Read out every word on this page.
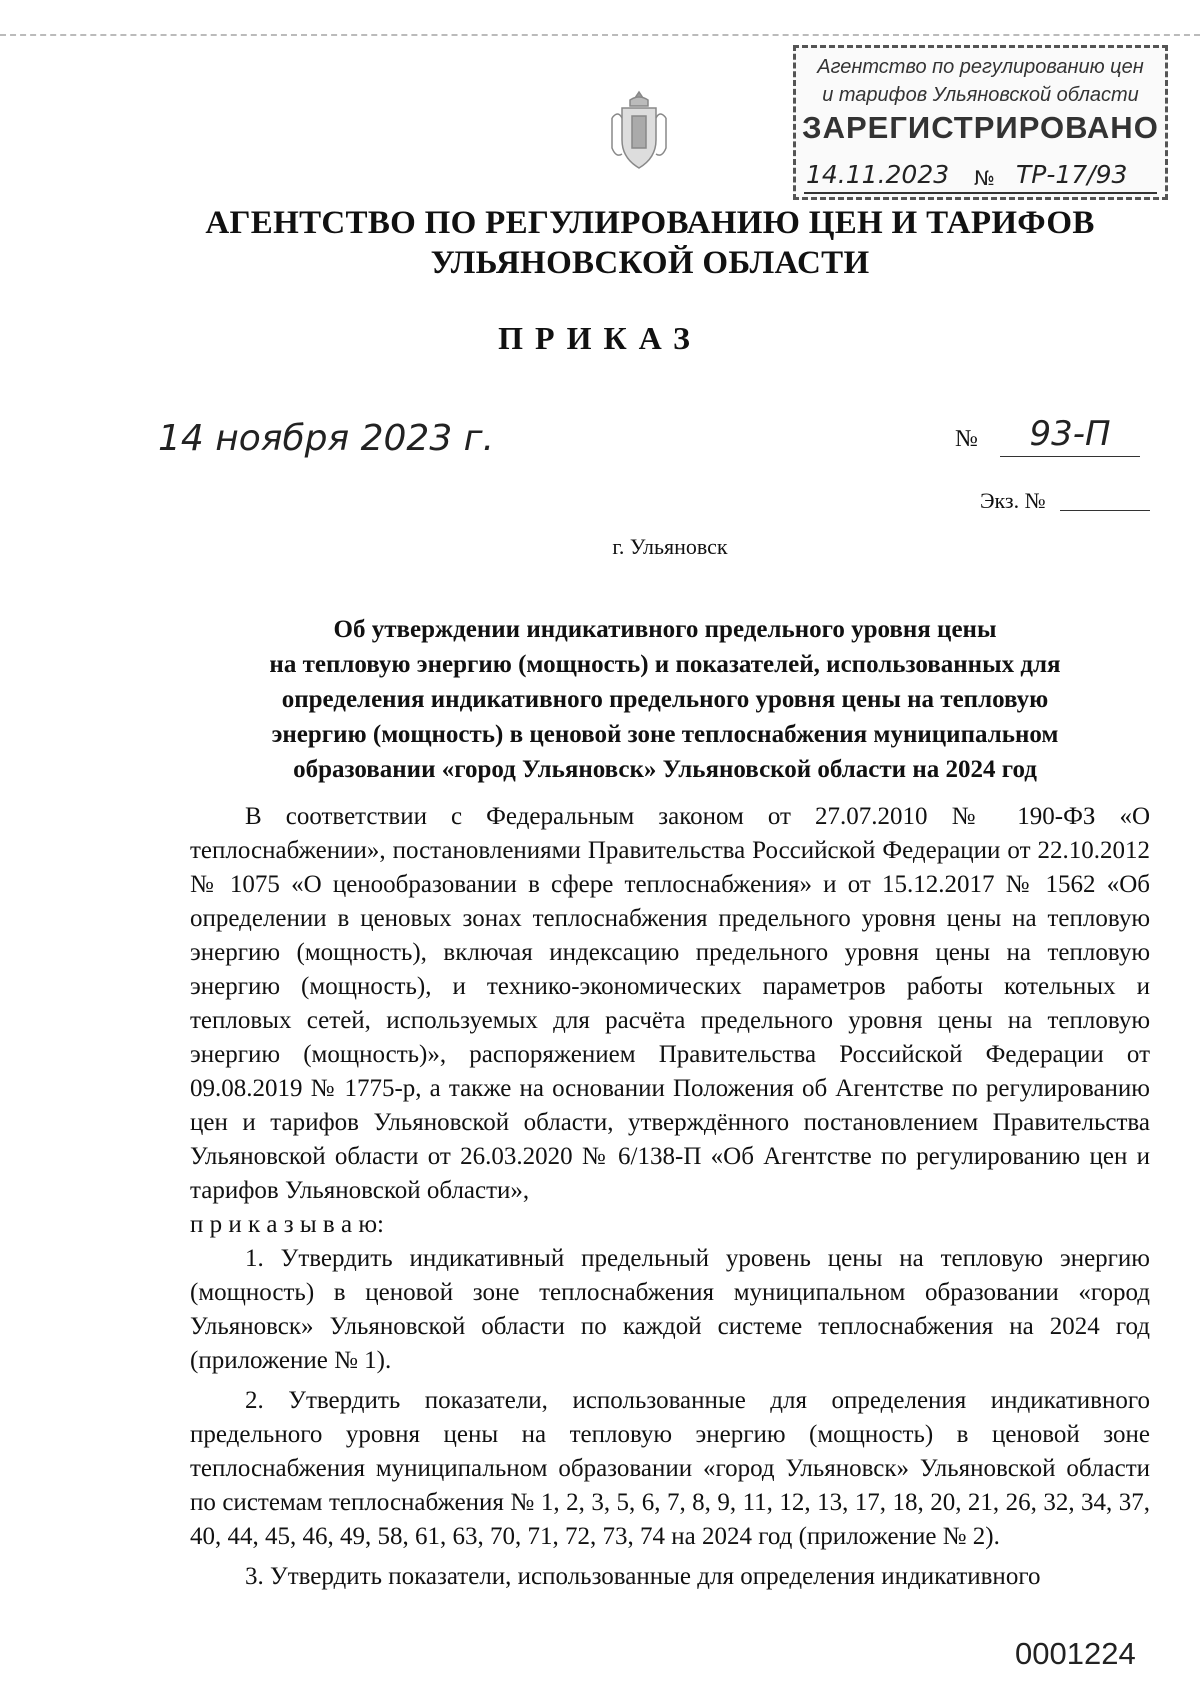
Агентство по регулированию цен
и тарифов Ульяновской области
ЗАРЕГИСТРИРОВАНО
14.11.2023 № ТР-17/93
АГЕНТСТВО ПО РЕГУЛИРОВАНИЮ ЦЕН И ТАРИФОВ
УЛЬЯНОВСКОЙ ОБЛАСТИ
ПРИКАЗ
14 ноября 2023 г.	№	93-П
Экз. №
г. Ульяновск
Об утверждении индикативного предельного уровня цены
на тепловую энергию (мощность) и показателей, использованных для
определения индикативного предельного уровня цены на тепловую
энергию (мощность) в ценовой зоне теплоснабжения муниципальном
образовании «город Ульяновск» Ульяновской области на 2024 год

В соответствии с Федеральным законом от 27.07.2010 № 190-ФЗ «О теплоснабжении», постановлениями Правительства Российской Федерации от 22.10.2012 № 1075 «О ценообразовании в сфере теплоснабжения» и от 15.12.2017 № 1562 «Об определении в ценовых зонах теплоснабжения предельного уровня цены на тепловую энергию (мощность), включая индексацию предельного уровня цены на тепловую энергию (мощность), и технико-экономических параметров работы котельных и тепловых сетей, используемых для расчёта предельного уровня цены на тепловую энергию (мощность)», распоряжением Правительства Российской Федерации от 09.08.2019 № 1775-р, а также на основании Положения об Агентстве по регулированию цен и тарифов Ульяновской области, утверждённого постановлением Правительства Ульяновской области от 26.03.2020 № 6/138-П «Об Агентстве по регулированию цен и тарифов Ульяновской области»,

п р и к а з ы в а ю:

1. Утвердить индикативный предельный уровень цены на тепловую энергию (мощность) в ценовой зоне теплоснабжения муниципальном образовании «город Ульяновск» Ульяновской области по каждой системе теплоснабжения на 2024 год (приложение № 1).

2. Утвердить показатели, использованные для определения индикативного предельного уровня цены на тепловую энергию (мощность) в ценовой зоне теплоснабжения муниципальном образовании «город Ульяновск» Ульяновской области по системам теплоснабжения № 1, 2, 3, 5, 6, 7, 8, 9, 11, 12, 13, 17, 18, 20, 21, 26, 32, 34, 37, 40, 44, 45, 46, 49, 58, 61, 63, 70, 71, 72, 73, 74 на 2024 год (приложение № 2).

3. Утвердить показатели, использованные для определения индикативного

0001224
